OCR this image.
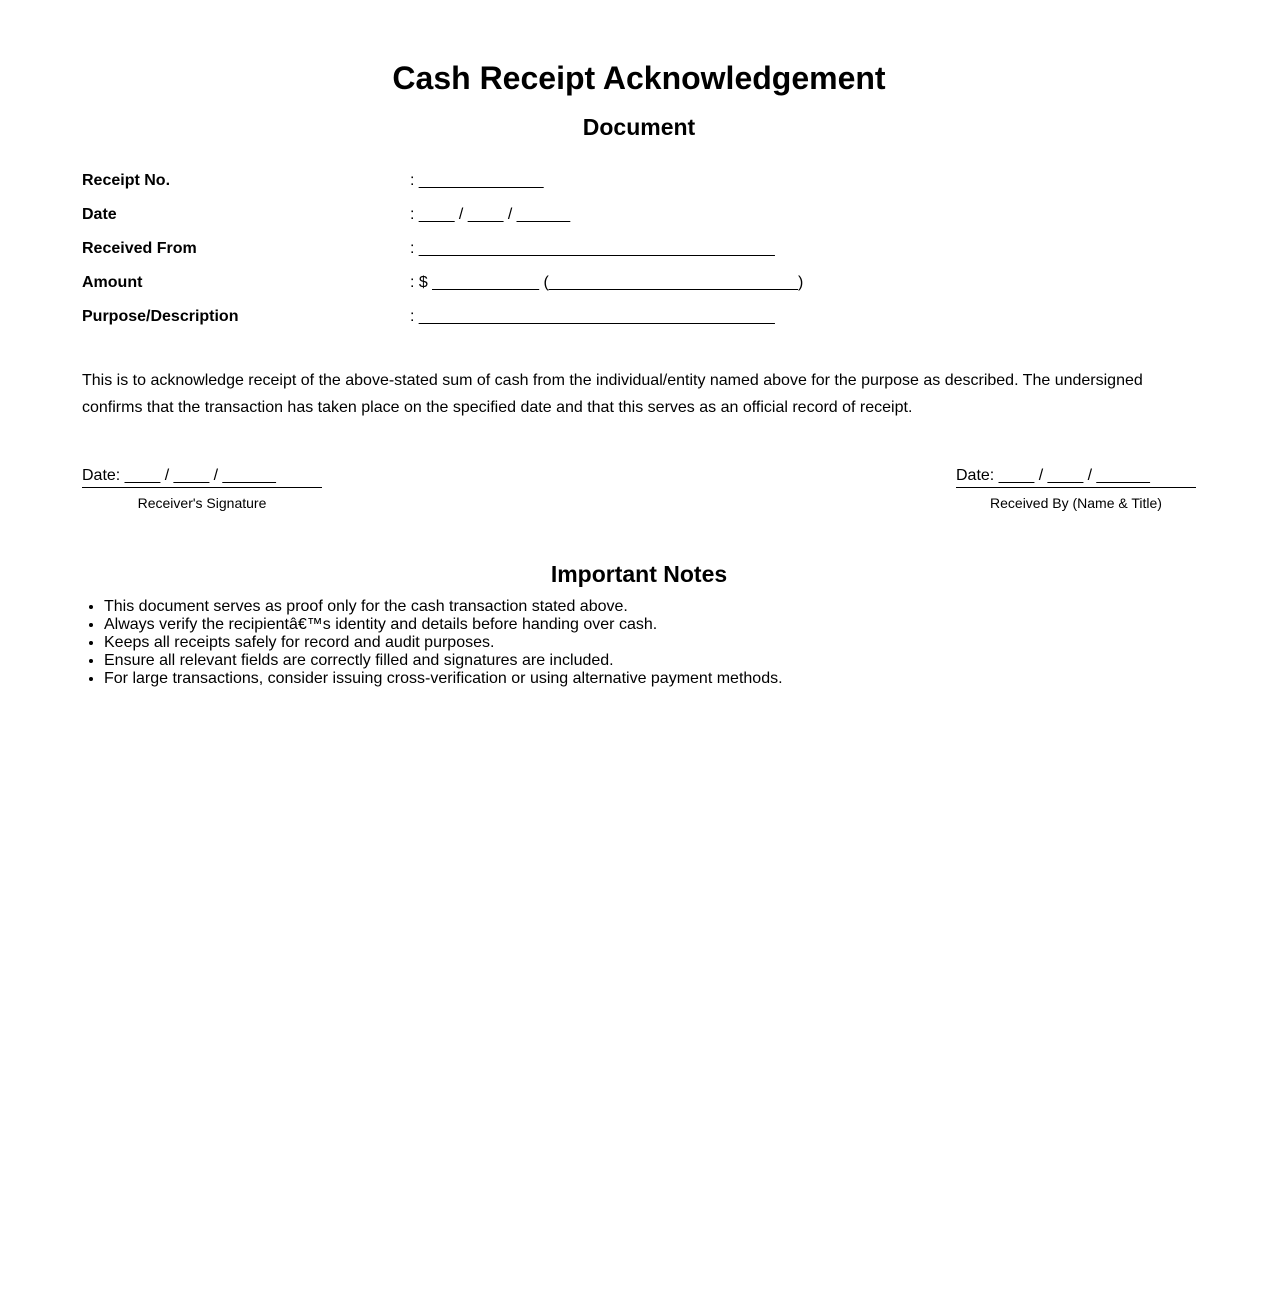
Cash Receipt Acknowledgement
Document
Receipt No.	: ______________
Date	: ____ / ____ / ______
Received From	: ________________________________________
Amount	: $ ____________ (____________________________)
Purpose/Description	: ________________________________________

This is to acknowledge receipt of the above-stated sum of cash from the individual/entity named above for the purpose as described. The undersigned confirms that the transaction has taken place on the specified date and that this serves as an official record of receipt.

Date: ____ / ____ / ______
Receiver's Signature
Date: ____ / ____ / ______
Received By (Name & Title)
Important Notes
• This document serves as proof only for the cash transaction stated above.
• Always verify the recipientâ€™s identity and details before handing over cash.
• Keeps all receipts safely for record and audit purposes.
• Ensure all relevant fields are correctly filled and signatures are included.
• For large transactions, consider issuing cross-verification or using alternative payment methods.
